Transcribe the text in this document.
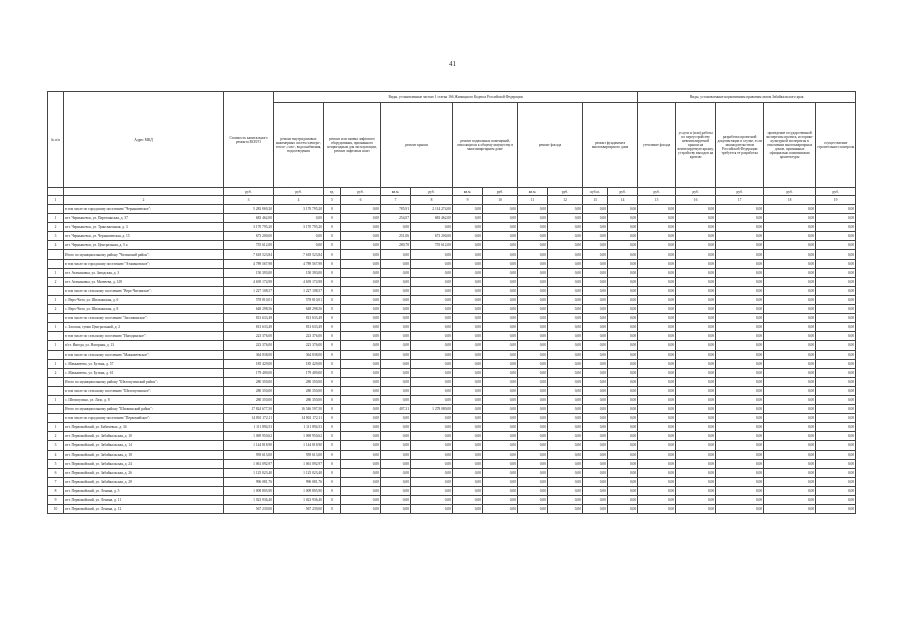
41
№ п/п	Адрес МКД	Стоимость капитального ремонта ВСЕГО	Виды, установленные частью 1 статьи 166 Жилищного Кодекса Российской Федерации											Виды, установленные нормативным правовым актом Забайкальского края				
			ремонт внутридомовых инженерных систем электро-, тепло-, газо-, водоснабжения, водоотведения	ремонт или замена лифтового оборудования, признанного непригодным для эксплуатации, ремонт лифтовых шахт		ремонт крыши		ремонт подвальных помещений, относящихся к общему имуществу в многоквартирном доме		ремонт фасада		ремонт фундамента многоквартирного дома		утепление фасада	услуги и (или) работы по переустройству невентилируемой крыши на вентилируемую крышу, устройству выходов на кровлю	разработка проектной документации в случае, если законодательством Российской Федерации требуется ее разработка	проведение государственной экспертизы проекта, историко-культурной экспертизы в отношении многоквартирных домов, признанных официально памятниками архитектуры	осуществление строительного контроля
		руб.	руб.	ед.	руб.	кв.м.	руб.	кв.м.	руб.	кв.м.	руб.	куб.м.	руб.	руб.	руб.	руб.	руб.	руб.
1	2	3	4	5	6	7	8	9	10	11	12	13	14	15	16	17	18	19
	в том числе по городскому поселению "Чернышевское":	5 283 069,20	3 170 795,20	0	0,00	785,91	2 114 274,00	0,00	0,00	0,00	0,00	0,00	0,00	0,00	0,00	0,00	0,00	0,00
1	пгт. Чернышевск, ул. Партизанская, д. 37	683 462,00	0,00	0	0,00	254,07	683 462,00	0,00	0,00	0,00	0,00	0,00	0,00	0,00	0,00	0,00	0,00	0,00
2	пгт. Чернышевск, ул. Трансвагонная, д. 3	3 170 795,20	3 170 795,20	0	0,00	0,00	0,00	0,00	0,00	0,00	0,00	0,00	0,00	0,00	0,00	0,00	0,00	0,00
3	пгт. Чернышевск, ул. Чернышевская, д. 15	673 200,00	0,00	0	0,00	251,06	673 200,00	0,00	0,00	0,00	0,00	0,00	0,00	0,00	0,00	0,00	0,00	0,00
4	пгт. Чернышевск, ул. Центральная, д. 5 а	755 612,00	0,00	0	0,00	280,78	755 612,00	0,00	0,00	0,00	0,00	0,00	0,00	0,00	0,00	0,00	0,00	0,00
	Итого по муниципальному району "Читинский район":	7 618 523,84	7 618 523,84	0	0,00	0,00	0,00	0,00	0,00	0,00	0,00	0,00	0,00	0,00	0,00	0,00	0,00	0,00
	в том числе по городскому поселению "Атамановское":	4 789 567,98	4 789 567,98	0	0,00	0,00	0,00	0,00	0,00	0,00	0,00	0,00	0,00	0,00	0,00	0,00	0,00	0,00
1	пгт. Атамановка, ул. Заводская, д. 3	150 393,00	150 393,00	0	0,00	0,00	0,00	0,00	0,00	0,00	0,00	0,00	0,00	0,00	0,00	0,00	0,00	0,00
2	пгт. Атамановка, ул. Матвеева, д. 128	4 639 174,98	4 639 174,98	0	0,00	0,00	0,00	0,00	0,00	0,00	0,00	0,00	0,00	0,00	0,00	0,00	0,00	0,00
	в том числе по сельскому поселению "Верх-Читинское":	1 227 108,57	1 227 108,57	0	0,00	0,00	0,00	0,00	0,00	0,00	0,00	0,00	0,00	0,00	0,00	0,00	0,00	0,00
1	с. Верх-Чита, ул. Шилкинская, д. 6	578 810,01	578 810,01	0	0,00	0,00	0,00	0,00	0,00	0,00	0,00	0,00	0,00	0,00	0,00	0,00	0,00	0,00
2	с. Верх-Чита, ул. Шилкинская, д. 8	648 298,56	648 298,56	0	0,00	0,00	0,00	0,00	0,00	0,00	0,00	0,00	0,00	0,00	0,00	0,00	0,00	0,00
	в том числе по сельскому поселению "Засопкинское":	813 633,49	813 633,49	0	0,00	0,00	0,00	0,00	0,00	0,00	0,00	0,00	0,00	0,00	0,00	0,00	0,00	0,00
1	с. Засопка, тупик Центральный, д. 2	813 633,49	813 633,49	0	0,00	0,00	0,00	0,00	0,00	0,00	0,00	0,00	0,00	0,00	0,00	0,00	0,00	0,00
	в том числе по сельскому поселению "Ингодинское":	223 376,00	223 376,00	0	0,00	0,00	0,00	0,00	0,00	0,00	0,00	0,00	0,00	0,00	0,00	0,00	0,00	0,00
1	п/ст. Ингода, ул. Нагорная, д. 13	223 376,00	223 376,00	0	0,00	0,00	0,00	0,00	0,00	0,00	0,00	0,00	0,00	0,00	0,00	0,00	0,00	0,00
	в том числе по сельскому поселению "Маккавеевское":	364 838,00	364 838,00	0	0,00	0,00	0,00	0,00	0,00	0,00	0,00	0,00	0,00	0,00	0,00	0,00	0,00	0,00
1	с. Маккавеево, ул. Бутина, д. 57	185 429,00	185 429,00	0	0,00	0,00	0,00	0,00	0,00	0,00	0,00	0,00	0,00	0,00	0,00	0,00	0,00	0,00
2	с. Маккавеево, ул. Бутина, д. 61	179 409,00	179 409,00	0	0,00	0,00	0,00	0,00	0,00	0,00	0,00	0,00	0,00	0,00	0,00	0,00	0,00	0,00
	Итого по муниципальному району "Шелопугинский район":	280 350,00	280 350,00	0	0,00	0,00	0,00	0,00	0,00	0,00	0,00	0,00	0,00	0,00	0,00	0,00	0,00	0,00
	в том числе по сельскому поселению "Шелопугинское":	280 350,00	280 350,00	0	0,00	0,00	0,00	0,00	0,00	0,00	0,00	0,00	0,00	0,00	0,00	0,00	0,00	0,00
1	с. Шелопугино, ул. Лазо, д. 8	280 350,00	280 350,00	0	0,00	0,00	0,00	0,00	0,00	0,00	0,00	0,00	0,00	0,00	0,00	0,00	0,00	0,00
	Итого по муниципальному району "Шилкинский район":	17 824 677,50	16 546 597,50	0	0,00	407,31	1 278 080,00	0,00	0,00	0,00	0,00	0,00	0,00	0,00	0,00	0,00	0,00	0,00
	в том числе по городскому поселению "Первомайское":	14 801 172,11	14 801 172,11	0	0,00	0,00	0,00	0,00	0,00	0,00	0,00	0,00	0,00	0,00	0,00	0,00	0,00	0,00
1	пгт. Первомайский, ул. Бабичевых, д. 34	1 111 894,53	1 111 894,53	0	0,00	0,00	0,00	0,00	0,00	0,00	0,00	0,00	0,00	0,00	0,00	0,00	0,00	0,00
2	пгт. Первомайский, ул. Забайкальская, д. 10	1 069 950,62	1 069 950,62	0	0,00	0,00	0,00	0,00	0,00	0,00	0,00	0,00	0,00	0,00	0,00	0,00	0,00	0,00
3	пгт. Первомайский, ул. Забайкальская, д. 14	1 144 818,90	1 144 818,90	0	0,00	0,00	0,00	0,00	0,00	0,00	0,00	0,00	0,00	0,00	0,00	0,00	0,00	0,00
4	пгт. Первомайский, ул. Забайкальская, д. 18	939 613,00	939 613,00	0	0,00	0,00	0,00	0,00	0,00	0,00	0,00	0,00	0,00	0,00	0,00	0,00	0,00	0,00
5	пгт. Первомайский, ул. Забайкальская, д. 24	1 061 092,97	1 061 092,97	0	0,00	0,00	0,00	0,00	0,00	0,00	0,00	0,00	0,00	0,00	0,00	0,00	0,00	0,00
6	пгт. Первомайский, ул. Забайкальская, д. 26	1 125 023,40	1 125 023,40	0	0,00	0,00	0,00	0,00	0,00	0,00	0,00	0,00	0,00	0,00	0,00	0,00	0,00	0,00
7	пгт. Первомайский, ул. Забайкальская, д. 28	996 081,76	996 081,76	0	0,00	0,00	0,00	0,00	0,00	0,00	0,00	0,00	0,00	0,00	0,00	0,00	0,00	0,00
8	пгт. Первомайский, ул. Ленина, д. 5	1 009 805,90	1 009 805,90	0	0,00	0,00	0,00	0,00	0,00	0,00	0,00	0,00	0,00	0,00	0,00	0,00	0,00	0,00
9	пгт. Первомайский, ул. Ленина, д. 11	1 023 936,40	1 023 936,40	0	0,00	0,00	0,00	0,00	0,00	0,00	0,00	0,00	0,00	0,00	0,00	0,00	0,00	0,00
10	пгт. Первомайский, ул. Ленина, д. 12	567 239,00	567 239,00	0	0,00	0,00	0,00	0,00	0,00	0,00	0,00	0,00	0,00	0,00	0,00	0,00	0,00	0,00
